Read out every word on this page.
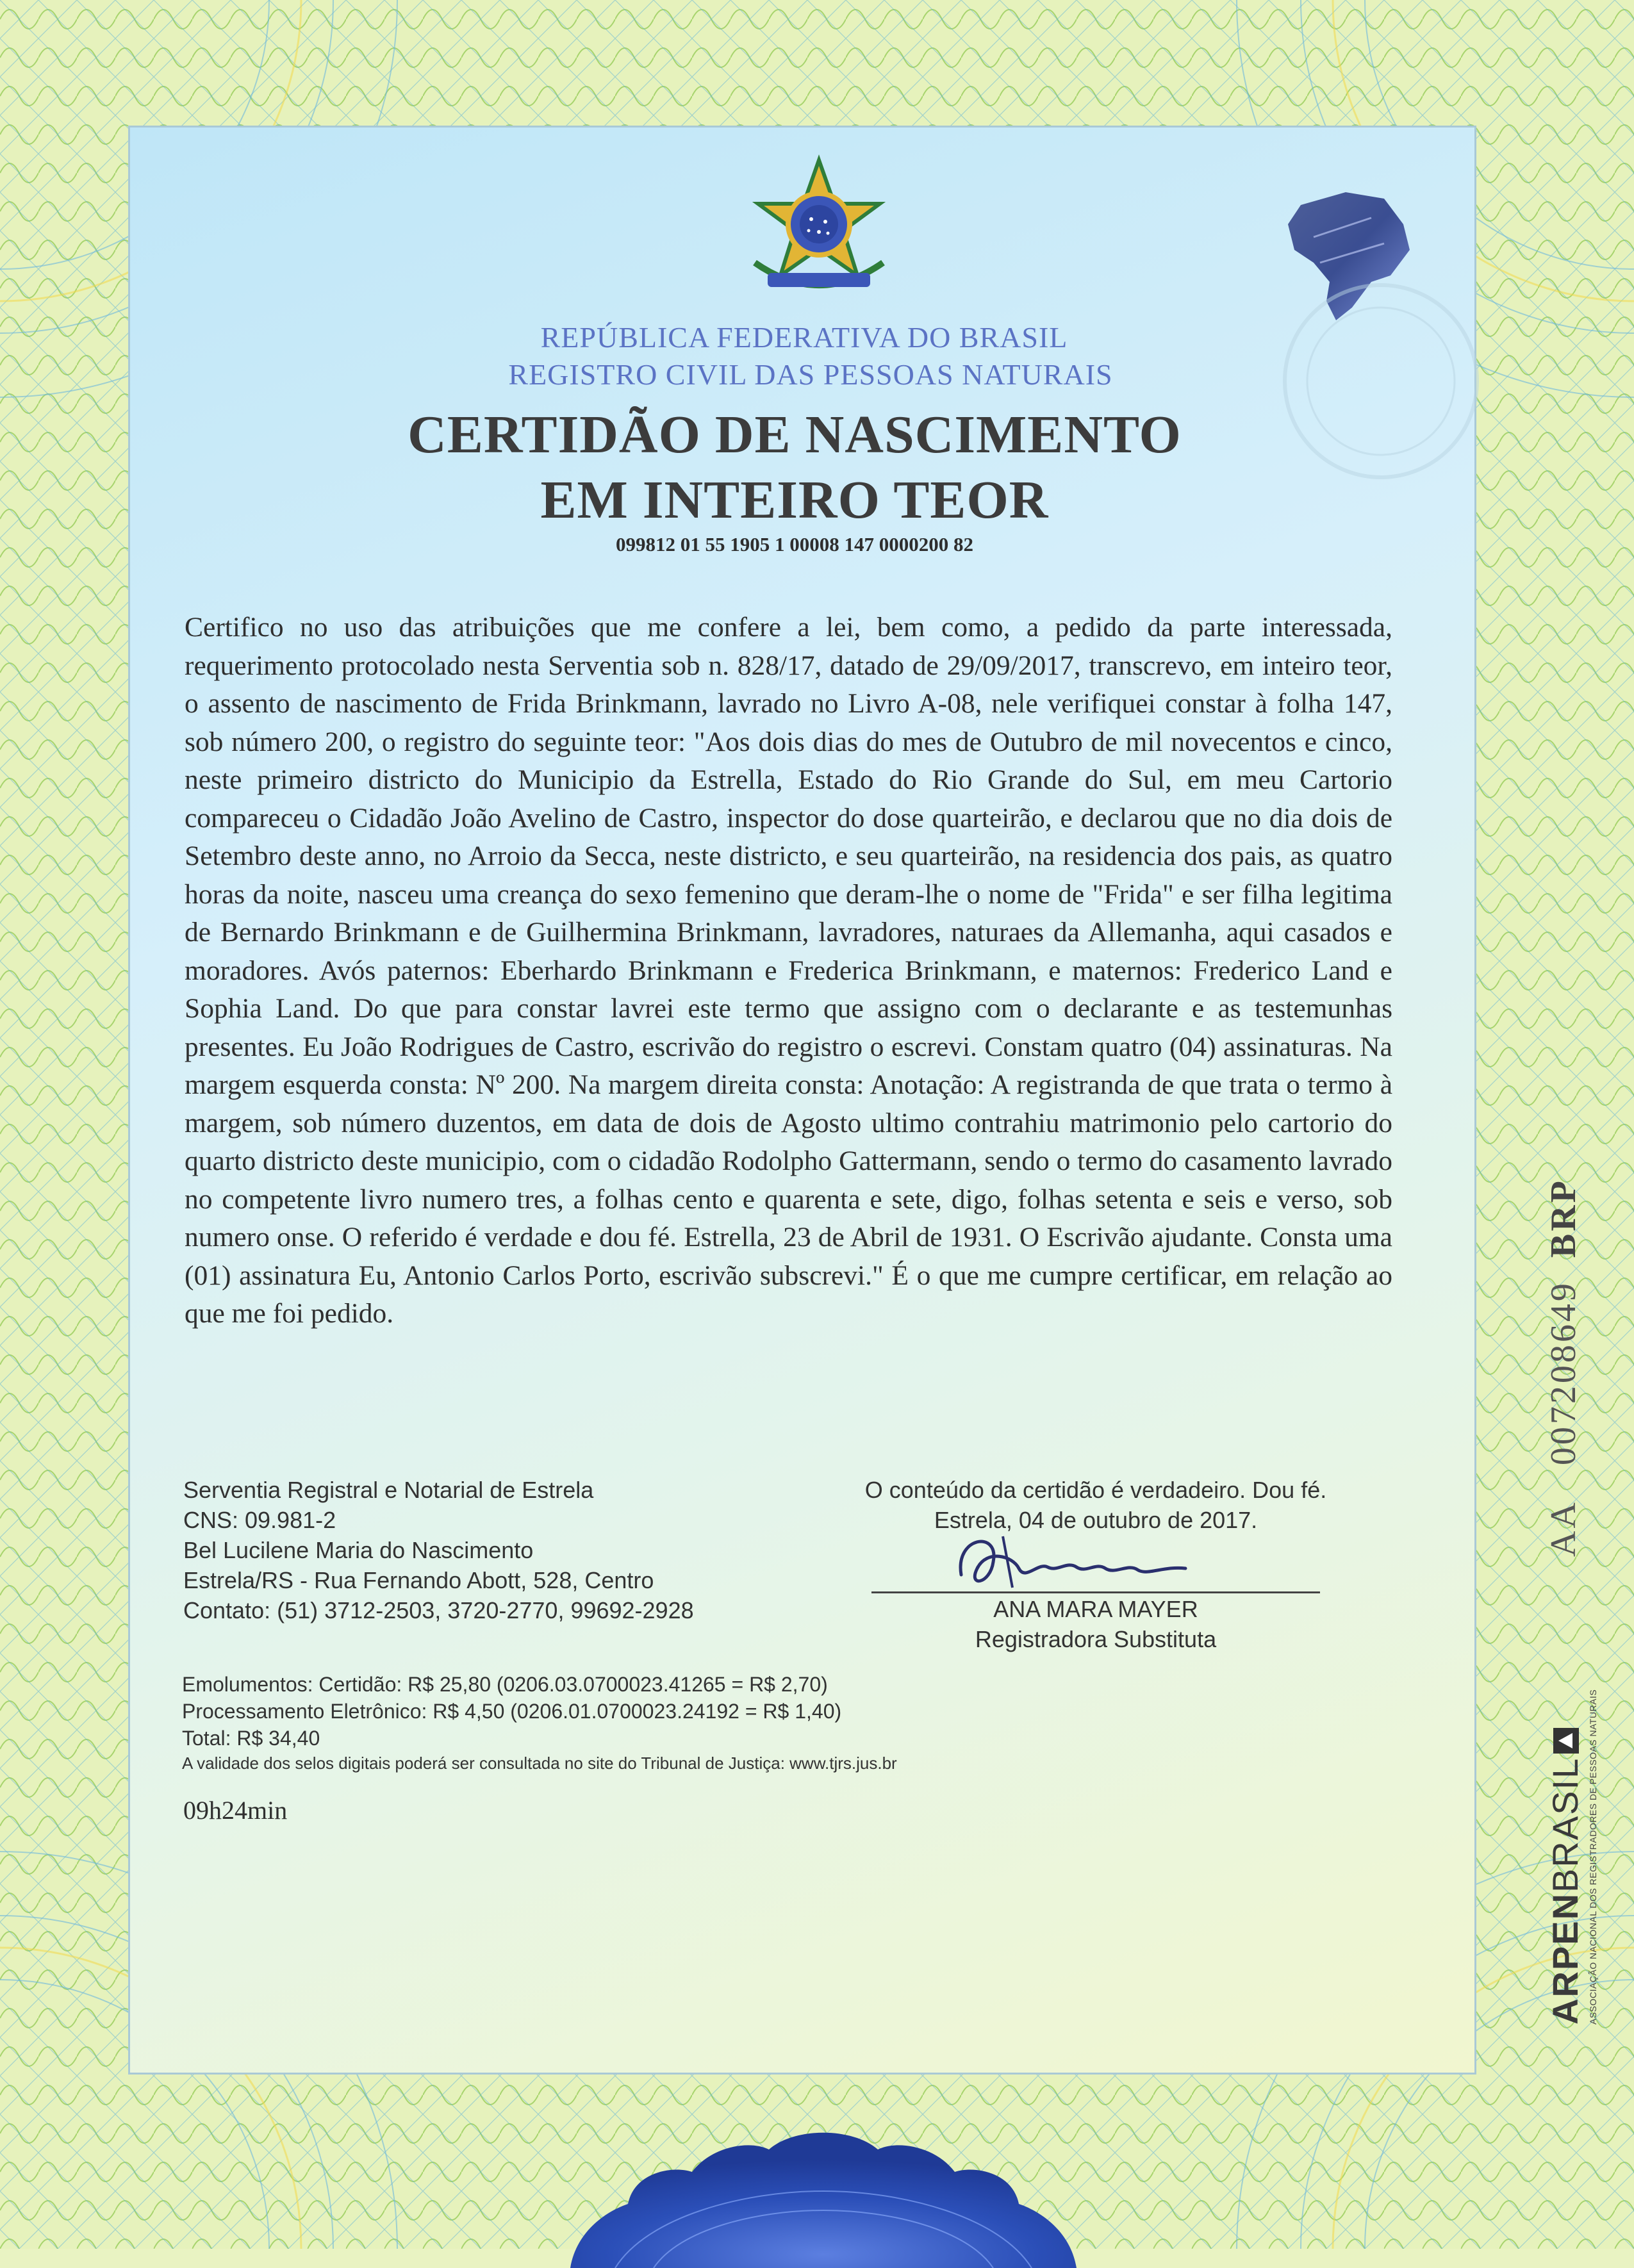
REPÚBLICA FEDERATIVA DO BRASIL
REGISTRO CIVIL DAS PESSOAS NATURAIS
CERTIDÃO DE NASCIMENTO
EM INTEIRO TEOR
099812 01 55 1905 1 00008 147 0000200 82
Certifico no uso das atribuições que me confere a lei, bem como, a pedido da parte interessada, requerimento protocolado nesta Serventia sob n. 828/17, datado de 29/09/2017, transcrevo, em inteiro teor, o assento de nascimento de Frida Brinkmann, lavrado no Livro A-08, nele verifiquei constar à folha 147, sob número 200, o registro do seguinte teor: "Aos dois dias do mes de Outubro de mil novecentos e cinco, neste primeiro districto do Municipio da Estrella, Estado do Rio Grande do Sul, em meu Cartorio compareceu o Cidadão João Avelino de Castro, inspector do dose quarteirão, e declarou que no dia dois de Setembro deste anno, no Arroio da Secca, neste districto, e seu quarteirão, na residencia dos pais, as quatro horas da noite, nasceu uma creança do sexo femenino que deram-lhe o nome de "Frida" e ser filha legitima de Bernardo Brinkmann e de Guilhermina Brinkmann, lavradores, naturaes da Allemanha, aqui casados e moradores. Avós paternos: Eberhardo Brinkmann e Frederica Brinkmann, e maternos: Frederico Land e Sophia Land. Do que para constar lavrei este termo que assigno com o declarante e as testemunhas presentes. Eu João Rodrigues de Castro, escrivão do registro o escrevi. Constam quatro (04) assinaturas. Na margem esquerda consta: Nº 200. Na margem direita consta: Anotação: A registranda de que trata o termo à margem, sob número duzentos, em data de dois de Agosto ultimo contrahiu matrimonio pelo cartorio do quarto districto deste municipio, com o cidadão Rodolpho Gattermann, sendo o termo do casamento lavrado no competente livro numero tres, a folhas cento e quarenta e sete, digo, folhas setenta e seis e verso, sob numero onse. O referido é verdade e dou fé. Estrella, 23 de Abril de 1931. O Escrivão ajudante. Consta uma (01) assinatura Eu, Antonio Carlos Porto, escrivão subscrevi." É o que me cumpre certificar, em relação ao que me foi pedido.
Serventia Registral e Notarial de Estrela
CNS: 09.981-2
Bel Lucilene Maria do Nascimento
Estrela/RS - Rua Fernando Abott, 528, Centro
Contato: (51) 3712-2503, 3720-2770, 99692-2928
O conteúdo da certidão é verdadeiro. Dou fé.
Estrela, 04 de outubro de 2017.
ANA MARA MAYER
Registradora Substituta
Emolumentos: Certidão: R$ 25,80 (0206.03.0700023.41265 = R$ 2,70)
Processamento Eletrônico: R$ 4,50 (0206.01.0700023.24192 = R$ 1,40)
Total: R$ 34,40
A validade dos selos digitais poderá ser consultada no site do Tribunal de Justiça: www.tjrs.jus.br
09h24min
AA   007208649  BRP
ARPENBRASIL ASSOCIAÇÃO NACIONAL DOS REGISTRADORES DE PESSOAS NATURAIS
